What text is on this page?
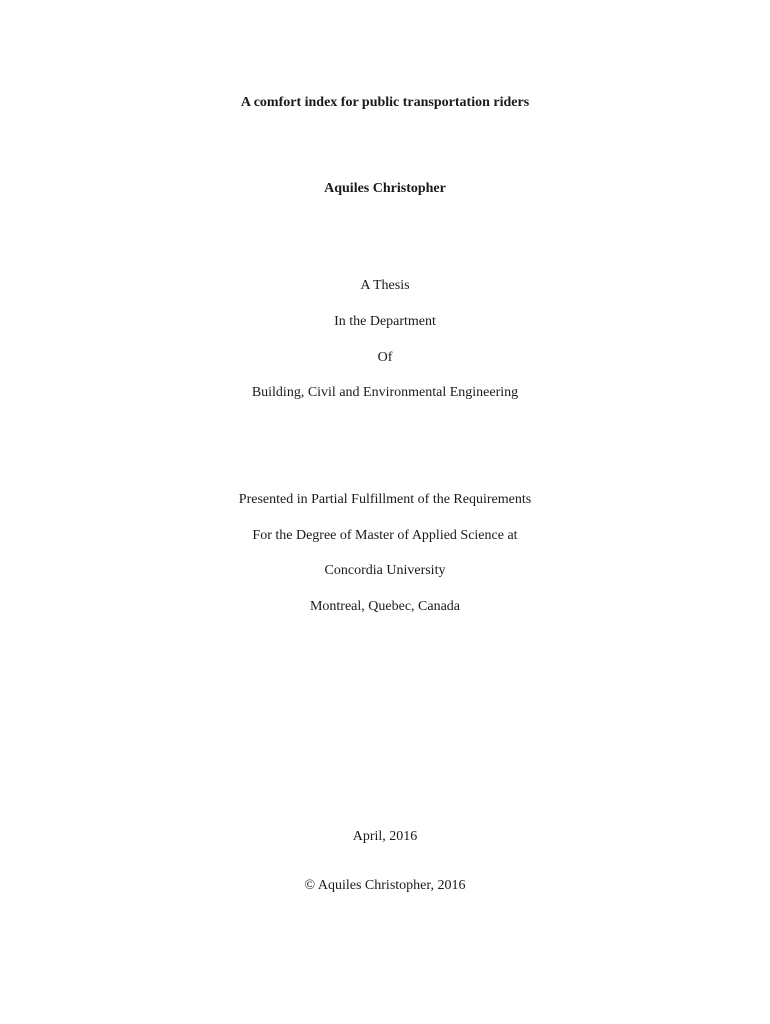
A comfort index for public transportation riders
Aquiles Christopher
A Thesis
In the Department
Of
Building, Civil and Environmental Engineering
Presented in Partial Fulfillment of the Requirements
For the Degree of Master of Applied Science at
Concordia University
Montreal, Quebec, Canada
April, 2016
© Aquiles Christopher, 2016
